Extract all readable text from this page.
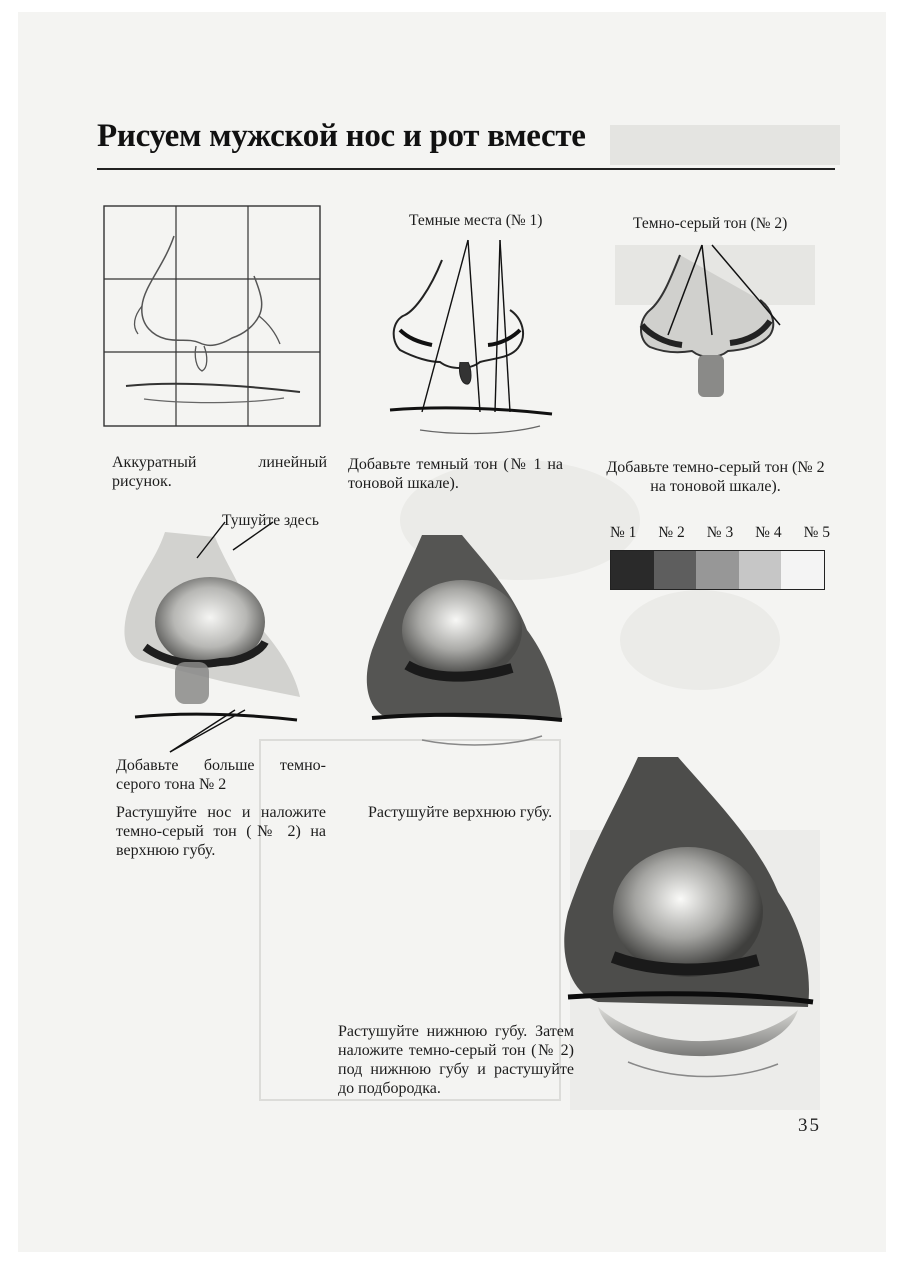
Рисуем мужской нос и рот вместе
Темные места (№ 1)	Темно-серый тон (№ 2)
Аккуратный линейный рисунок.
Добавьте темный тон (№ 1 на тоновой шкале).
Добавьте темно-серый тон (№ 2 на тоновой шкале).
№ 1 № 2 № 3 № 4 № 5
Тушуйте здесь
Добавьте больше темно-серого тона № 2
Растушуйте нос и наложите темно-серый тон (№ 2) на верхнюю губу.
Растушуйте верхнюю губу.
Растушуйте нижнюю губу. Затем наложите темно-серый тон (№ 2) под нижнюю губу и растушуйте до подбородка.
35
